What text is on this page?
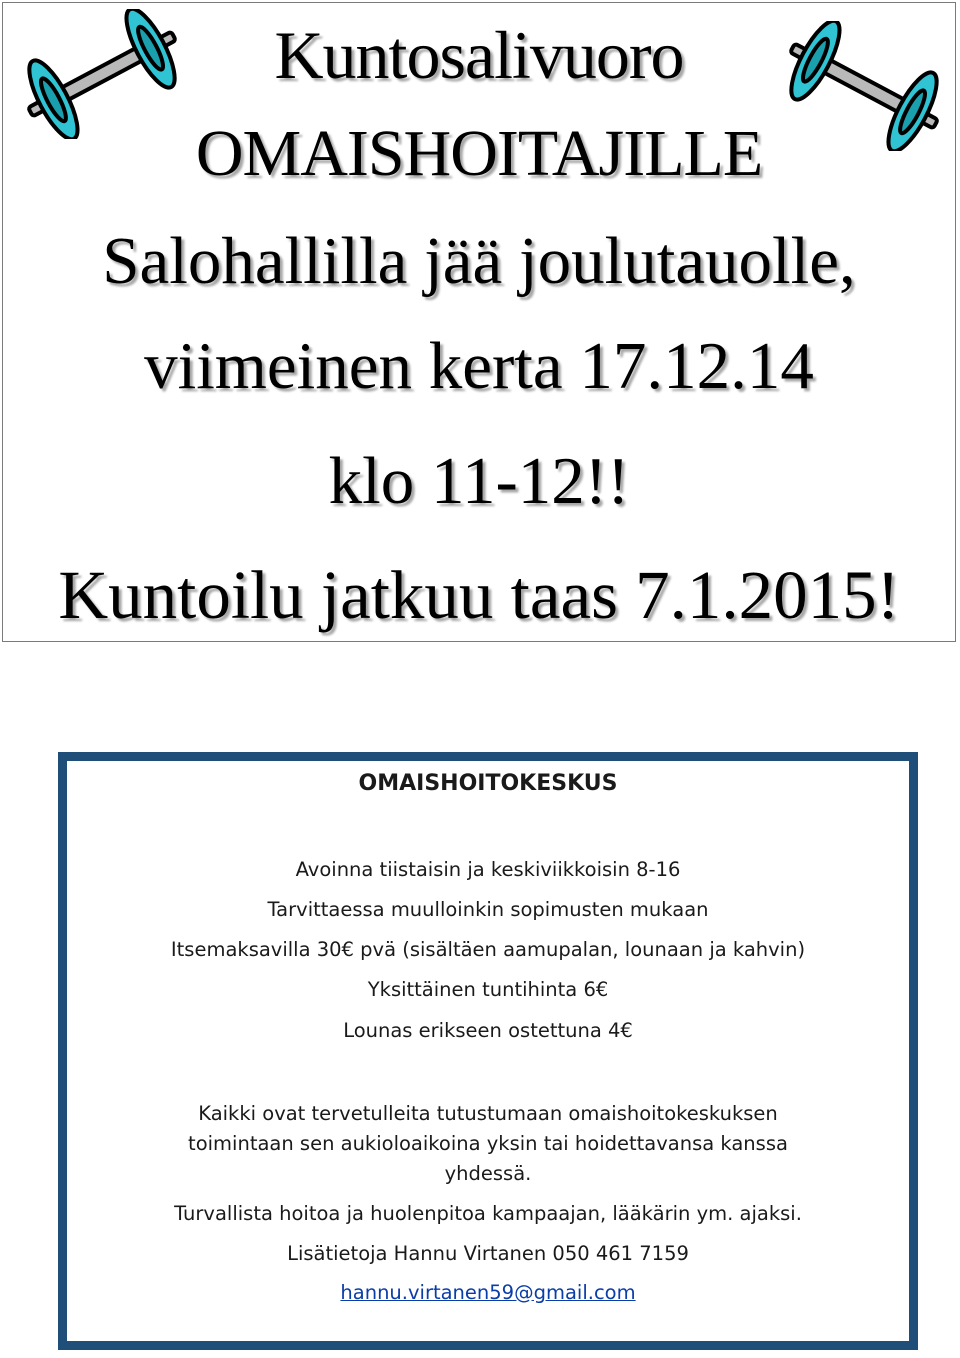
Kuntosalivuoro
OMAISHOITAJILLE
Salohallilla jää joulutauolle,
viimeinen kerta 17.12.14
klo 11-12!!
Kuntoilu jatkuu taas 7.1.2015!
OMAISHOITOKESKUS
Avoinna tiistaisin ja keskiviikkoisin 8-16
Tarvittaessa muulloinkin sopimusten mukaan
Itsemaksavilla 30€ pvä (sisältäen aamupalan, lounaan ja kahvin)
Yksittäinen tuntihinta 6€
Lounas erikseen ostettuna 4€
Kaikki ovat tervetulleita tutustumaan omaishoitokeskuksen
toimintaan sen aukioloaikoina yksin tai hoidettavansa kanssa
yhdessä.
Turvallista hoitoa ja huolenpitoa kampaajan, lääkärin ym. ajaksi.
Lisätietoja Hannu Virtanen 050 461 7159
hannu.virtanen59@gmail.com
